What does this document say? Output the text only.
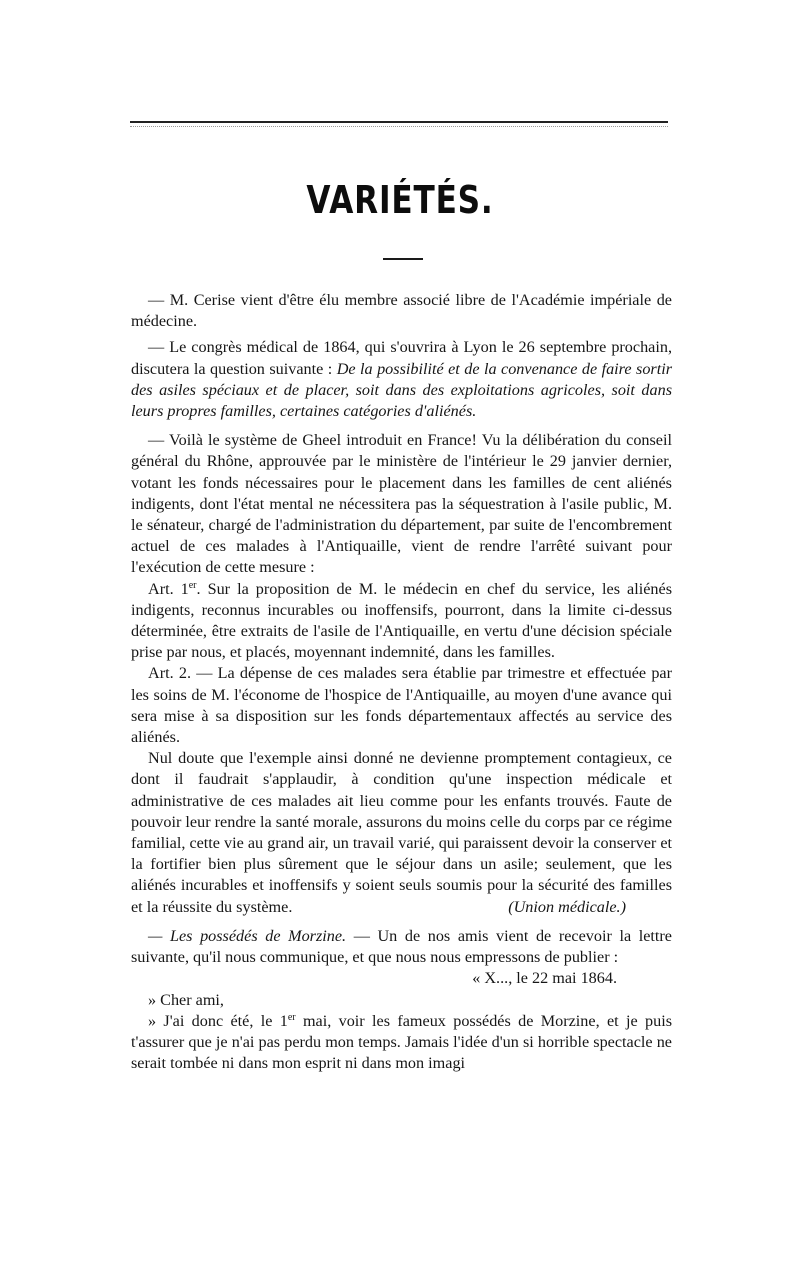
VARIÉTÉS.

— M. Cerise vient d'être élu membre associé libre de l'Académie impériale de médecine.

— Le congrès médical de 1864, qui s'ouvrira à Lyon le 26 septembre prochain, discutera la question suivante : De la possibilité et de la convenance de faire sortir des asiles spéciaux et de placer, soit dans des exploitations agricoles, soit dans leurs propres familles, certaines catégories d'aliénés.

— Voilà le système de Gheel introduit en France! Vu la délibération du conseil général du Rhône, approuvée par le ministère de l'intérieur le 29 janvier dernier, votant les fonds nécessaires pour le placement dans les familles de cent aliénés indigents, dont l'état mental ne nécessitera pas la séquestration à l'asile public, M. le sénateur, chargé de l'administration du département, par suite de l'encombrement actuel de ces malades à l'Antiquaille, vient de rendre l'arrêté suivant pour l'exécution de cette mesure :

Art. 1er. Sur la proposition de M. le médecin en chef du service, les aliénés indigents, reconnus incurables ou inoffensifs, pourront, dans la limite ci-dessus déterminée, être extraits de l'asile de l'Antiquaille, en vertu d'une décision spéciale prise par nous, et placés, moyennant indemnité, dans les familles.

Art. 2. — La dépense de ces malades sera établie par trimestre et effectuée par les soins de M. l'économe de l'hospice de l'Antiquaille, au moyen d'une avance qui sera mise à sa disposition sur les fonds départementaux affectés au service des aliénés.

Nul doute que l'exemple ainsi donné ne devienne promptement contagieux, ce dont il faudrait s'applaudir, à condition qu'une inspection médicale et administrative de ces malades ait lieu comme pour les enfants trouvés. Faute de pouvoir leur rendre la santé morale, assurons du moins celle du corps par ce régime familial, cette vie au grand air, un travail varié, qui paraissent devoir la conserver et la fortifier bien plus sûrement que le séjour dans un asile; seulement, que les aliénés incurables et inoffensifs y soient seuls soumis pour la sécurité des familles et la réussite du système.	(Union médicale.)

— Les possédés de Morzine. — Un de nos amis vient de recevoir la lettre suivante, qu'il nous communique, et que nous nous empressons de publier :

« X..., le 22 mai 1864.

» Cher ami,

» J'ai donc été, le 1er mai, voir les fameux possédés de Morzine, et je puis t'assurer que je n'ai pas perdu mon temps. Jamais l'idée d'un si horrible spectacle ne serait tombée ni dans mon esprit ni dans mon imagi
